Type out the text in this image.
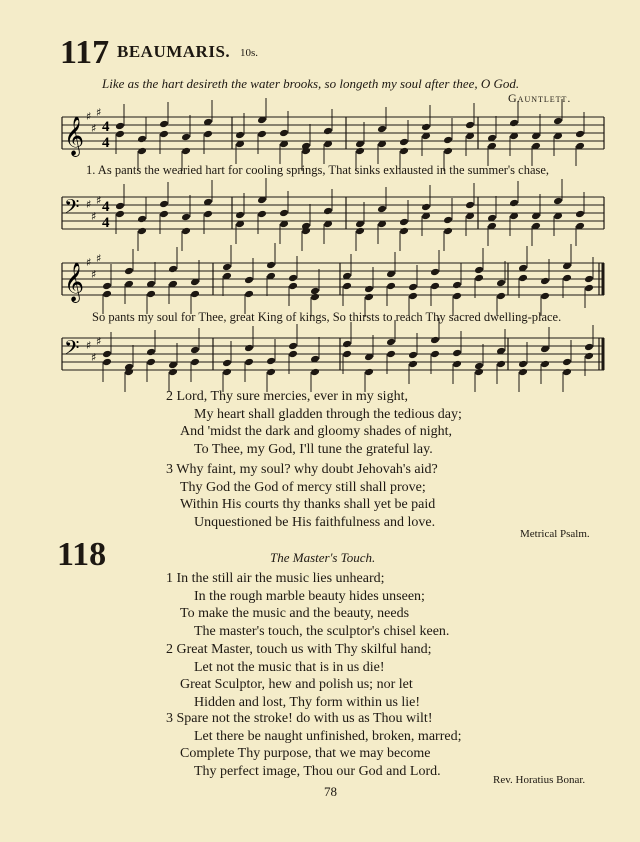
117 BEAUMARIS. 10s.
Like as the hart desireth the water brooks, so longeth my soul after thee, O God.
Gauntlett.
𝄞 ♯
♯
♯
4
4
𝄢 ♯
♯
♯ 4
4
𝄞 ♯
♯
♯
𝄢 ♯
♯
♯
1. As pants the wearied hart for cooling springs, That sinks exhausted in the summer's chase,
So pants my soul for Thee, great King of kings, So thirsts to reach Thy sacred dwelling-place.
2 Lord, Thy sure mercies, ever in my sight,
My heart shall gladden through the tedious day;
And 'midst the dark and gloomy shades of night,
To Thee, my God, I'll tune the grateful lay.
3 Why faint, my soul? why doubt Jehovah's aid?
Thy God the God of mercy still shall prove;
Within His courts thy thanks shall yet be paid
Unquestioned be His faithfulness and love.
Metrical Psalm.
118	The Master's Touch.
1 In the still air the music lies unheard;
In the rough marble beauty hides unseen;
To make the music and the beauty, needs
The master's touch, the sculptor's chisel keen.
2 Great Master, touch us with Thy skilful hand;
Let not the music that is in us die!
Great Sculptor, hew and polish us; nor let
Hidden and lost, Thy form within us lie!
3 Spare not the stroke! do with us as Thou wilt!
Let there be naught unfinished, broken, marred;
Complete Thy purpose, that we may become
Thy perfect image, Thou our God and Lord.
Rev. Horatius Bonar.
78
